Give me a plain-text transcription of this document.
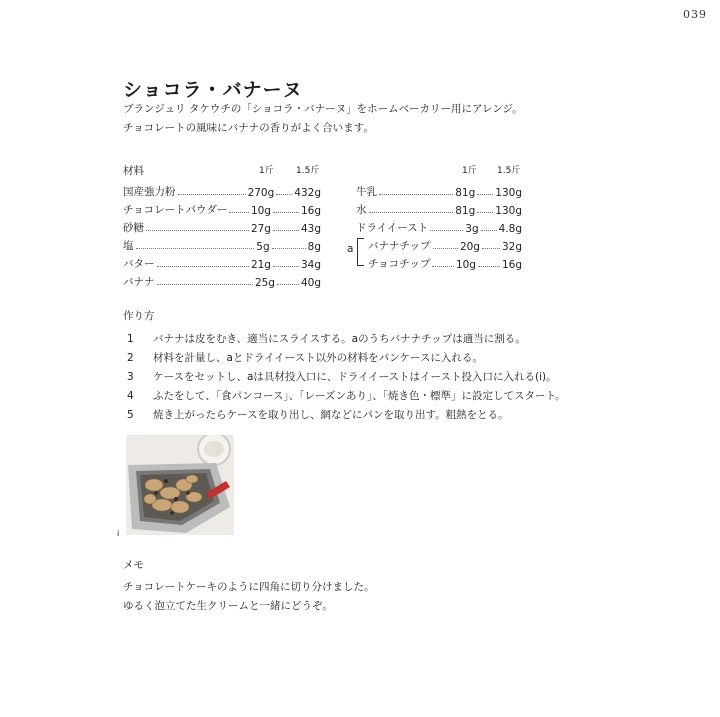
039
ショコラ・バナーヌ
ブランジュリ タケウチの「ショコラ・バナーヌ」をホームベーカリー用にアレンジ。
チョコレートの風味にバナナの香りがよく合います。
材料	1斤 1.5斤
国産強力粉	270g 432g
チョコレートパウダー 10g	16g
砂糖	27g	43g
塩	5g	8g
バター	21g	34g
バナナ	25g 40g
1斤 1.5斤
牛乳	81g 130g
水	81g 130g
ドライイースト	3g 4.8g
バナナチップ	20g 32g
チョコチップ 10g 16g
a
作り方
1	バナナは皮をむき、適当にスライスする。aのうちバナナチップは適当に割る。
2	材料を計量し、aとドライイースト以外の材料をパンケースに入れる。
3	ケースをセットし、aは具材投入口に、ドライイーストはイースト投入口に入れる(i)。
4	ふたをして、「食パンコース」、「レーズンあり」、「焼き色・標準」に設定してスタート。
5	焼き上がったらケースを取り出し、網などにパンを取り出す。粗熱をとる。
i
メモ
チョコレートケーキのように四角に切り分けました。
ゆるく泡立てた生クリームと一緒にどうぞ。
